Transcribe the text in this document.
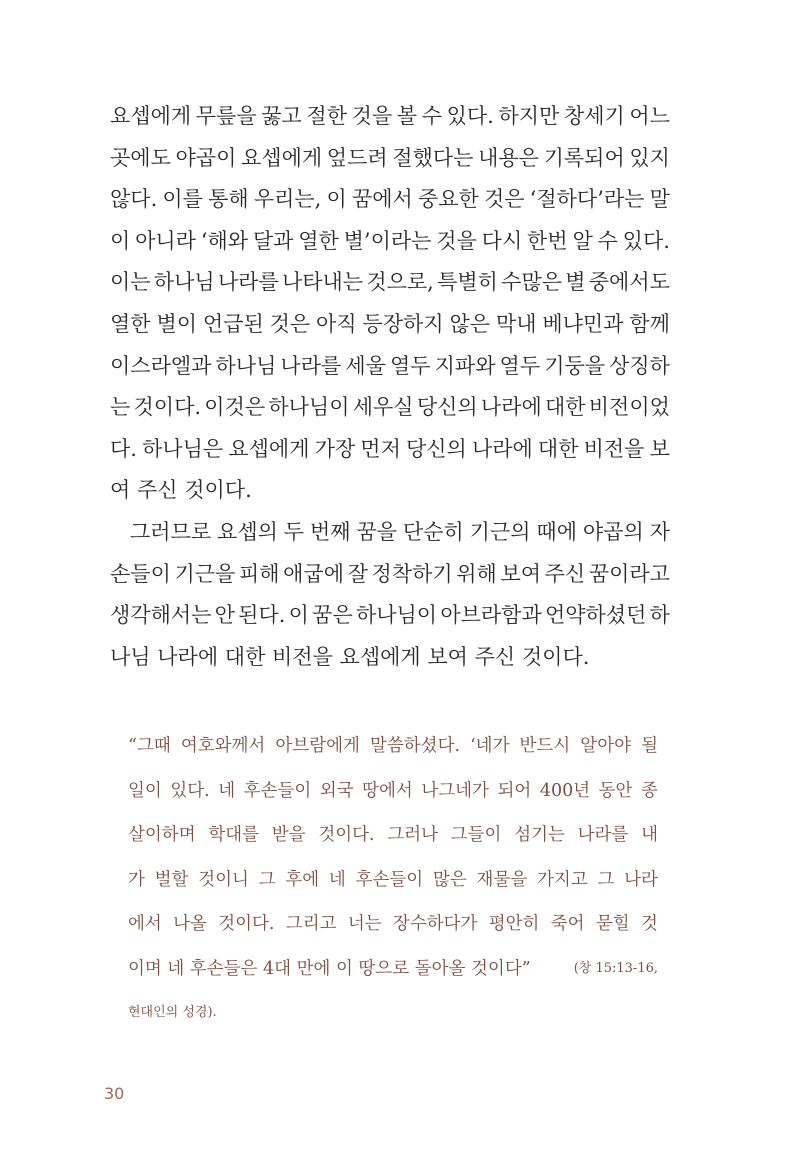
요셉에게 무릎을 꿇고 절한 것을 볼 수 있다. 하지만 창세기 어느
곳에도 야곱이 요셉에게 엎드려 절했다는 내용은 기록되어 있지
않다. 이를 통해 우리는, 이 꿈에서 중요한 것은 ‘절하다’라는 말
이 아니라 ‘해와 달과 열한 별’이라는 것을 다시 한번 알 수 있다.
이는 하나님 나라를 나타내는 것으로, 특별히 수많은 별 중에서도
열한 별이 언급된 것은 아직 등장하지 않은 막내 베냐민과 함께
이스라엘과 하나님 나라를 세울 열두 지파와 열두 기둥을 상징하
는 것이다. 이것은 하나님이 세우실 당신의 나라에 대한 비전이었
다. 하나님은 요셉에게 가장 먼저 당신의 나라에 대한 비전을 보
여 주신 것이다.
그러므로 요셉의 두 번째 꿈을 단순히 기근의 때에 야곱의 자
손들이 기근을 피해 애굽에 잘 정착하기 위해 보여 주신 꿈이라고
생각해서는 안 된다. 이 꿈은 하나님이 아브라함과 언약하셨던 하
나님 나라에 대한 비전을 요셉에게 보여 주신 것이다.
“그때 여호와께서 아브람에게 말씀하셨다. ‘네가 반드시 알아야 될
일이 있다. 네 후손들이 외국 땅에서 나그네가 되어 400년 동안 종
살이하며 학대를 받을 것이다. 그러나 그들이 섬기는 나라를 내
가 벌할 것이니 그 후에 네 후손들이 많은 재물을 가지고 그 나라
에서 나올 것이다. 그리고 너는 장수하다가 평안히 죽어 묻힐 것
이며 네 후손들은 4대 만에 이 땅으로 돌아올 것이다”	(창 15:13-16,
현대인의 성경).
30
